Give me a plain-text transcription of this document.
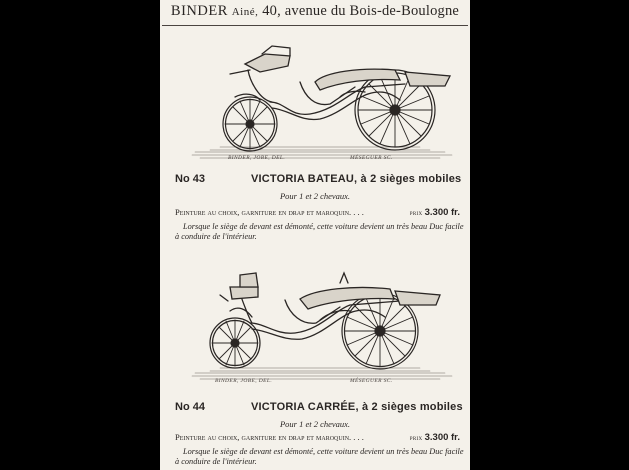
BINDER Ainé, 40, avenue du Bois-de-Boulogne
BINDER, JOBE, DEL.	MÉSEGUER SC.
No 43	VICTORIA BATEAU, à 2 sièges mobiles
Pour 1 et 2 chevaux.
Peinture au choix, garniture en drap et maroquin. . . .	prix 3.300 fr.
Lorsque le siège de devant est démonté, cette voiture devient un très beau Duc facile à conduire de l'intérieur.
BINDER, JOBE, DEL.	MÉSEGUER SC.
No 44	VICTORIA CARRÉE, à 2 sièges mobiles
Pour 1 et 2 chevaux.
Peinture au choix, garniture en drap et maroquin. . . .	prix 3.300 fr.
Lorsque le siège de devant est démonté, cette voiture devient un très beau Duc facile à conduire de l'intérieur.
